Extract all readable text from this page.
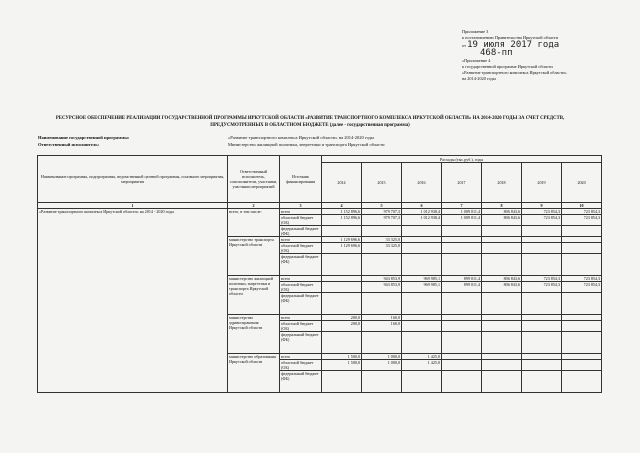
Приложение 3
к постановлению Правительства Иркутской области
от 19 июля 2017 года
468-пп
«Приложение 4
к государственной программе Иркутской области
«Развитие транспортного комплекса Иркутской области»
на 2014-2020 годы
РЕСУРСНОЕ ОБЕСПЕЧЕНИЕ РЕАЛИЗАЦИИ ГОСУДАРСТВЕННОЙ ПРОГРАММЫ ИРКУТСКОЙ ОБЛАСТИ «РАЗВИТИЕ ТРАНСПОРТНОГО КОМПЛЕКСА ИРКУТСКОЙ ОБЛАСТИ» НА 2014-2020 ГОДЫ ЗА СЧЕТ СРЕДСТВ, ПРЕДУСМОТРЕННЫХ В ОБЛАСТНОМ БЮДЖЕТЕ (далее - государственная программа)
Наименование государственной программы:	«Развитие транспортного комплекса Иркутской области» на 2014-2020 годы
Ответственный исполнитель:	Министерство жилищной политики, энергетики и транспорта Иркутской области
Наименование программы, подпрограммы, ведомственной целевой программы, основного мероприятия, мероприятия	Ответственный исполнитель, соисполнители, участники, участники мероприятий	Источник финансирования	Расходы (тыс.руб.), годы						
			2014	2015	2016	2017	2018	2019	2020
1	2	3	4	5	6	7	8	9	10
«Развитие транспортного комплекса Иркутской области» на 2014 - 2020 годы	всего, в том числе:	всего	1 152 896,6	979 707,3	1 012 938,4	1 009 011,4	806 843,6	723 854,3	723 854,3
		областной бюджет (ОБ)	1 152 896,6	979 707,3	1 012 938,4	1 009 011,4	806 843,6	723 854,3	723 854,3
		федеральный бюджет (ФБ)							
	министерство транспорта Иркутской области	всего	1 129 696,6	33 325,0					
		областной бюджет (ОБ)	1 129 696,6	33 325,0					
		федеральный бюджет (ФБ)							
	министерство жилищной политики, энергетики и транспорта Иркутской области	всего		943 853,9	969 985,1	899 011,4	806 843,6	723 854,3	723 854,3
		областной бюджет (ОБ)		943 853,9	969 985,1	899 011,4	806 843,6	723 854,3	723 854,3
		федеральный бюджет (ФБ)							
	министерство здравоохранения Иркутской области	всего	200,0	160,0					
		областной бюджет (ОБ)	200,0	160,0					
		федеральный бюджет (ФБ)							
	министерство образования Иркутской области	всего	1 500,0	1 000,0	1 425,0				
		областной бюджет (ОБ)	1 500,0	1 000,0	1 425,0				
		федеральный бюджет (ФБ)							
